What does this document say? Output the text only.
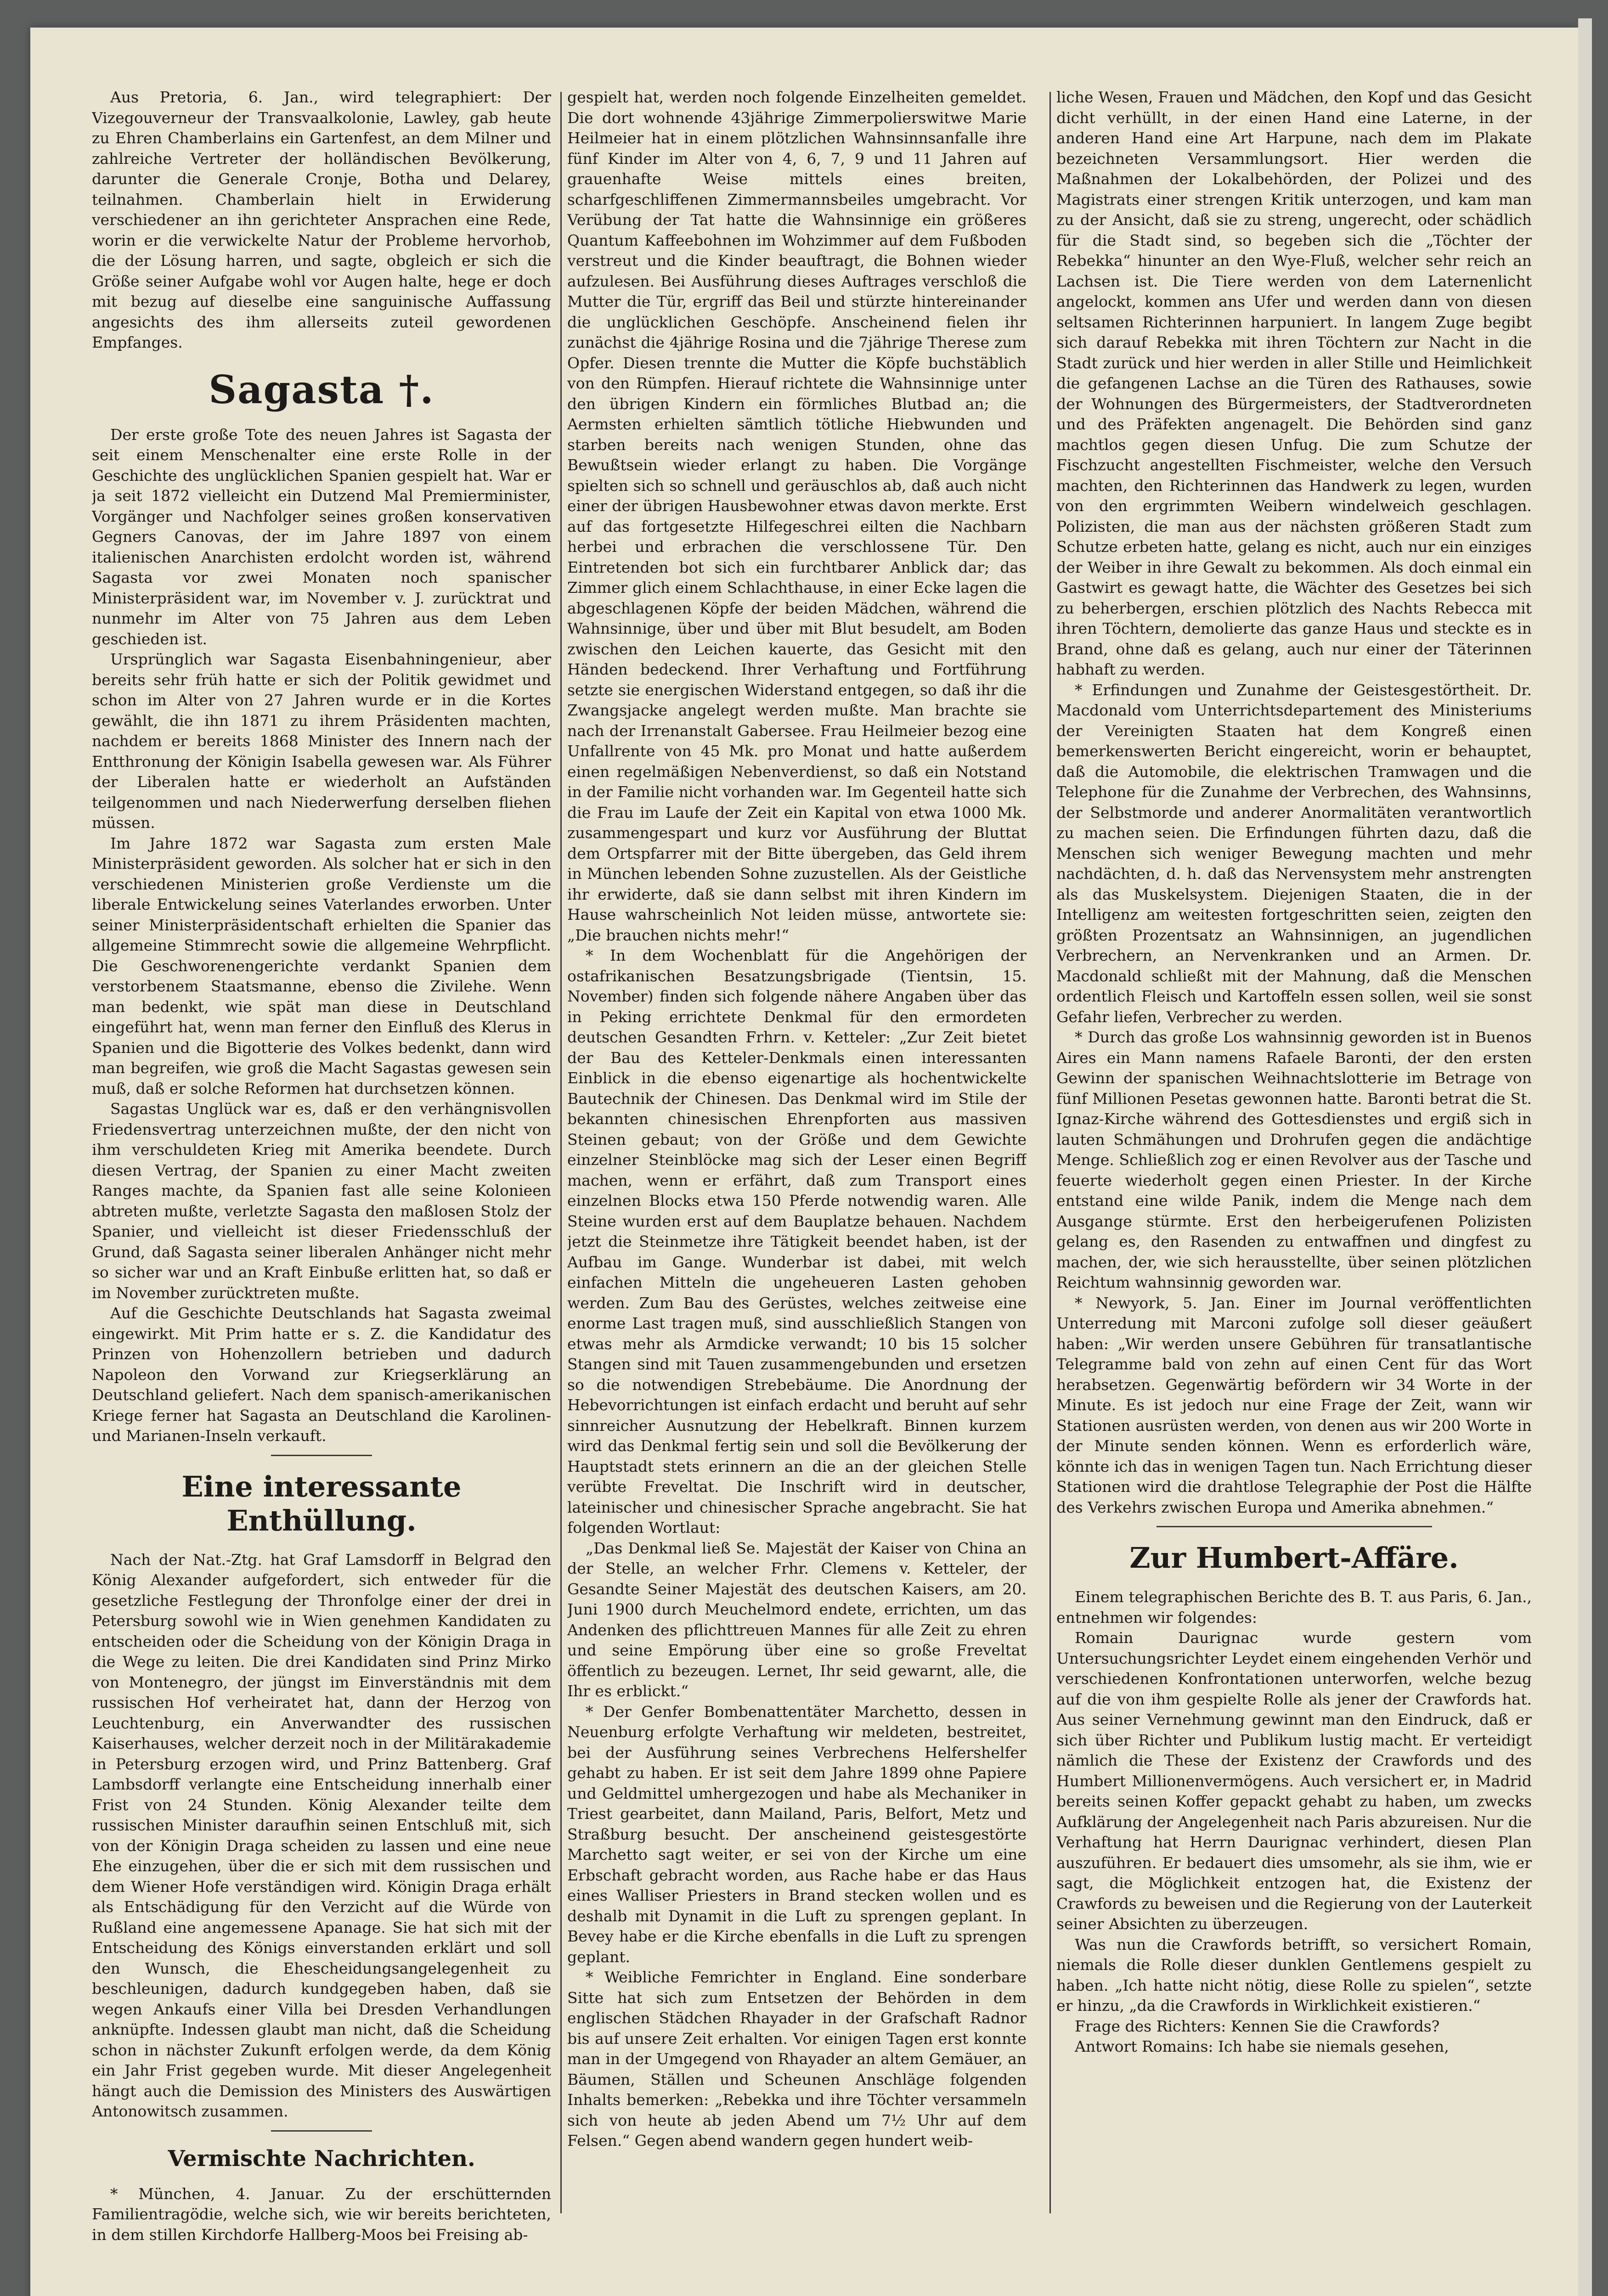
Aus Pretoria, 6. Jan., wird telegraphiert: Der Vizegouverneur der Transvaalkolonie, Lawley, gab heute zu Ehren Chamberlains ein Gartenfest, an dem Milner und zahlreiche Vertreter der holländischen Bevölkerung, darunter die Generale Cronje, Botha und Delarey, teilnahmen. Chamberlain hielt in Erwiderung verschiedener an ihn gerichteter Ansprachen eine Rede, worin er die verwickelte Natur der Probleme hervorhob, die der Lösung harren, und sagte, obgleich er sich die Größe seiner Aufgabe wohl vor Augen halte, hege er doch mit bezug auf dieselbe eine sanguinische Auffassung angesichts des ihm allerseits zuteil gewordenen Empfanges.

Sagasta †.

Der erste große Tote des neuen Jahres ist Sagasta der seit einem Menschenalter eine erste Rolle in der Geschichte des unglücklichen Spanien gespielt hat. War er ja seit 1872 vielleicht ein Dutzend Mal Premierminister, Vorgänger und Nachfolger seines großen konservativen Gegners Canovas, der im Jahre 1897 von einem italienischen Anarchisten erdolcht worden ist, während Sagasta vor zwei Monaten noch spanischer Ministerpräsident war, im November v. J. zurücktrat und nunmehr im Alter von 75 Jahren aus dem Leben geschieden ist.

Ursprünglich war Sagasta Eisenbahningenieur, aber bereits sehr früh hatte er sich der Politik gewidmet und schon im Alter von 27 Jahren wurde er in die Kortes gewählt, die ihn 1871 zu ihrem Präsidenten machten, nachdem er bereits 1868 Minister des Innern nach der Entthronung der Königin Isabella gewesen war. Als Führer der Liberalen hatte er wiederholt an Aufständen teilgenommen und nach Niederwerfung derselben fliehen müssen.

Im Jahre 1872 war Sagasta zum ersten Male Ministerpräsident geworden. Als solcher hat er sich in den verschiedenen Ministerien große Verdienste um die liberale Entwickelung seines Vaterlandes erworben. Unter seiner Ministerpräsidentschaft erhielten die Spanier das allgemeine Stimmrecht sowie die allgemeine Wehrpflicht. Die Geschworenengerichte verdankt Spanien dem verstorbenem Staatsmanne, ebenso die Zivilehe. Wenn man bedenkt, wie spät man diese in Deutschland eingeführt hat, wenn man ferner den Einfluß des Klerus in Spanien und die Bigotterie des Volkes bedenkt, dann wird man begreifen, wie groß die Macht Sagastas gewesen sein muß, daß er solche Reformen hat durchsetzen können.

Sagastas Unglück war es, daß er den verhängnisvollen Friedensvertrag unterzeichnen mußte, der den nicht von ihm verschuldeten Krieg mit Amerika beendete. Durch diesen Vertrag, der Spanien zu einer Macht zweiten Ranges machte, da Spanien fast alle seine Kolonieen abtreten mußte, verletzte Sagasta den maßlosen Stolz der Spanier, und vielleicht ist dieser Friedensschluß der Grund, daß Sagasta seiner liberalen Anhänger nicht mehr so sicher war und an Kraft Einbuße erlitten hat, so daß er im November zurücktreten mußte.

Auf die Geschichte Deutschlands hat Sagasta zweimal eingewirkt. Mit Prim hatte er s. Z. die Kandidatur des Prinzen von Hohenzollern betrieben und dadurch Napoleon den Vorwand zur Kriegserklärung an Deutschland geliefert. Nach dem spanisch-amerikanischen Kriege ferner hat Sagasta an Deutschland die Karolinen- und Marianen-Inseln verkauft.

Eine interessante Enthüllung.

Nach der Nat.-Ztg. hat Graf Lamsdorff in Belgrad den König Alexander aufgefordert, sich entweder für die gesetzliche Festlegung der Thronfolge einer der drei in Petersburg sowohl wie in Wien genehmen Kandidaten zu entscheiden oder die Scheidung von der Königin Draga in die Wege zu leiten. Die drei Kandidaten sind Prinz Mirko von Montenegro, der jüngst im Einverständnis mit dem russischen Hof verheiratet hat, dann der Herzog von Leuchtenburg, ein Anverwandter des russischen Kaiserhauses, welcher derzeit noch in der Militärakademie in Petersburg erzogen wird, und Prinz Battenberg. Graf Lambsdorff verlangte eine Entscheidung innerhalb einer Frist von 24 Stunden. König Alexander teilte dem russischen Minister daraufhin seinen Entschluß mit, sich von der Königin Draga scheiden zu lassen und eine neue Ehe einzugehen, über die er sich mit dem russischen und dem Wiener Hofe verständigen wird. Königin Draga erhält als Entschädigung für den Verzicht auf die Würde von Rußland eine angemessene Apanage. Sie hat sich mit der Entscheidung des Königs einverstanden erklärt und soll den Wunsch, die Ehescheidungsangelegenheit zu beschleunigen, dadurch kundgegeben haben, daß sie wegen Ankaufs einer Villa bei Dresden Verhandlungen anknüpfte. Indessen glaubt man nicht, daß die Scheidung schon in nächster Zukunft erfolgen werde, da dem König ein Jahr Frist gegeben wurde. Mit dieser Angelegenheit hängt auch die Demission des Ministers des Auswärtigen Antonowitsch zusammen.

Vermischte Nachrichten.

* München, 4. Januar. Zu der erschütternden Familientragödie, welche sich, wie wir bereits berichteten, in dem stillen Kirchdorfe Hallberg-Moos bei Freising ab-

gespielt hat, werden noch folgende Einzelheiten gemeldet. Die dort wohnende 43jährige Zimmerpolierswitwe Marie Heilmeier hat in einem plötzlichen Wahnsinnsanfalle ihre fünf Kinder im Alter von 4, 6, 7, 9 und 11 Jahren auf grauenhafte Weise mittels eines breiten, scharfgeschliffenen Zimmermannsbeiles umgebracht. Vor Verübung der Tat hatte die Wahnsinnige ein größeres Quantum Kaffeebohnen im Wohzimmer auf dem Fußboden verstreut und die Kinder beauftragt, die Bohnen wieder aufzulesen. Bei Ausführung dieses Auftrages verschloß die Mutter die Tür, ergriff das Beil und stürzte hintereinander die unglücklichen Geschöpfe. Anscheinend fielen ihr zunächst die 4jährige Rosina und die 7jährige Therese zum Opfer. Diesen trennte die Mutter die Köpfe buchstäblich von den Rümpfen. Hierauf richtete die Wahnsinnige unter den übrigen Kindern ein förmliches Blutbad an; die Aermsten erhielten sämtlich tötliche Hiebwunden und starben bereits nach wenigen Stunden, ohne das Bewußtsein wieder erlangt zu haben. Die Vorgänge spielten sich so schnell und geräuschlos ab, daß auch nicht einer der übrigen Hausbewohner etwas davon merkte. Erst auf das fortgesetzte Hilfegeschrei eilten die Nachbarn herbei und erbrachen die verschlossene Tür. Den Eintretenden bot sich ein furchtbarer Anblick dar; das Zimmer glich einem Schlachthause, in einer Ecke lagen die abgeschlagenen Köpfe der beiden Mädchen, während die Wahnsinnige, über und über mit Blut besudelt, am Boden zwischen den Leichen kauerte, das Gesicht mit den Händen bedeckend. Ihrer Verhaftung und Fortführung setzte sie energischen Widerstand entgegen, so daß ihr die Zwangsjacke angelegt werden mußte. Man brachte sie nach der Irrenanstalt Gabersee. Frau Heilmeier bezog eine Unfallrente von 45 Mk. pro Monat und hatte außerdem einen regelmäßigen Nebenverdienst, so daß ein Notstand in der Familie nicht vorhanden war. Im Gegenteil hatte sich die Frau im Laufe der Zeit ein Kapital von etwa 1000 Mk. zusammengespart und kurz vor Ausführung der Bluttat dem Ortspfarrer mit der Bitte übergeben, das Geld ihrem in München lebenden Sohne zuzustellen. Als der Geistliche ihr erwiderte, daß sie dann selbst mit ihren Kindern im Hause wahrscheinlich Not leiden müsse, antwortete sie: „Die brauchen nichts mehr!“

* In dem Wochenblatt für die Angehörigen der ostafrikanischen Besatzungsbrigade (Tientsin, 15. November) finden sich folgende nähere Angaben über das in Peking errichtete Denkmal für den ermordeten deutschen Gesandten Frhrn. v. Ketteler: „Zur Zeit bietet der Bau des Ketteler-Denkmals einen interessanten Einblick in die ebenso eigenartige als hochentwickelte Bautechnik der Chinesen. Das Denkmal wird im Stile der bekannten chinesischen Ehrenpforten aus massiven Steinen gebaut; von der Größe und dem Gewichte einzelner Steinblöcke mag sich der Leser einen Begriff machen, wenn er erfährt, daß zum Transport eines einzelnen Blocks etwa 150 Pferde notwendig waren. Alle Steine wurden erst auf dem Bauplatze behauen. Nachdem jetzt die Steinmetze ihre Tätigkeit beendet haben, ist der Aufbau im Gange. Wunderbar ist dabei, mit welch einfachen Mitteln die ungeheueren Lasten gehoben werden. Zum Bau des Gerüstes, welches zeitweise eine enorme Last tragen muß, sind ausschließlich Stangen von etwas mehr als Armdicke verwandt; 10 bis 15 solcher Stangen sind mit Tauen zusammengebunden und ersetzen so die notwendigen Strebebäume. Die Anordnung der Hebevorrichtungen ist einfach erdacht und beruht auf sehr sinnreicher Ausnutzung der Hebelkraft. Binnen kurzem wird das Denkmal fertig sein und soll die Bevölkerung der Hauptstadt stets erinnern an die an der gleichen Stelle verübte Freveltat. Die Inschrift wird in deutscher, lateinischer und chinesischer Sprache angebracht. Sie hat folgenden Wortlaut:

„Das Denkmal ließ Se. Majestät der Kaiser von China an der Stelle, an welcher Frhr. Clemens v. Ketteler, der Gesandte Seiner Majestät des deutschen Kaisers, am 20. Juni 1900 durch Meuchelmord endete, errichten, um das Andenken des pflichttreuen Mannes für alle Zeit zu ehren und seine Empörung über eine so große Freveltat öffentlich zu bezeugen. Lernet, Ihr seid gewarnt, alle, die Ihr es erblickt.“

* Der Genfer Bombenattentäter Marchetto, dessen in Neuenburg erfolgte Verhaftung wir meldeten, bestreitet, bei der Ausführung seines Verbrechens Helfershelfer gehabt zu haben. Er ist seit dem Jahre 1899 ohne Papiere und Geldmittel umhergezogen und habe als Mechaniker in Triest gearbeitet, dann Mailand, Paris, Belfort, Metz und Straßburg besucht. Der anscheinend geistesgestörte Marchetto sagt weiter, er sei von der Kirche um eine Erbschaft gebracht worden, aus Rache habe er das Haus eines Walliser Priesters in Brand stecken wollen und es deshalb mit Dynamit in die Luft zu sprengen geplant. In Bevey habe er die Kirche ebenfalls in die Luft zu sprengen geplant.

* Weibliche Femrichter in England. Eine sonderbare Sitte hat sich zum Entsetzen der Behörden in dem englischen Städchen Rhayader in der Grafschaft Radnor bis auf unsere Zeit erhalten. Vor einigen Tagen erst konnte man in der Umgegend von Rhayader an altem Gemäuer, an Bäumen, Ställen und Scheunen Anschläge folgenden Inhalts bemerken: „Rebekka und ihre Töchter versammeln sich von heute ab jeden Abend um 7½ Uhr auf dem Felsen.“ Gegen abend wandern gegen hundert weib-

liche Wesen, Frauen und Mädchen, den Kopf und das Gesicht dicht verhüllt, in der einen Hand eine Laterne, in der anderen Hand eine Art Harpune, nach dem im Plakate bezeichneten Versammlungsort. Hier werden die Maßnahmen der Lokalbehörden, der Polizei und des Magistrats einer strengen Kritik unterzogen, und kam man zu der Ansicht, daß sie zu streng, ungerecht, oder schädlich für die Stadt sind, so begeben sich die „Töchter der Rebekka“ hinunter an den Wye-Fluß, welcher sehr reich an Lachsen ist. Die Tiere werden von dem Laternenlicht angelockt, kommen ans Ufer und werden dann von diesen seltsamen Richterinnen harpuniert. In langem Zuge begibt sich darauf Rebekka mit ihren Töchtern zur Nacht in die Stadt zurück und hier werden in aller Stille und Heimlichkeit die gefangenen Lachse an die Türen des Rathauses, sowie der Wohnungen des Bürgermeisters, der Stadtverordneten und des Präfekten angenagelt. Die Behörden sind ganz machtlos gegen diesen Unfug. Die zum Schutze der Fischzucht angestellten Fischmeister, welche den Versuch machten, den Richterinnen das Handwerk zu legen, wurden von den ergrimmten Weibern windelweich geschlagen. Polizisten, die man aus der nächsten größeren Stadt zum Schutze erbeten hatte, gelang es nicht, auch nur ein einziges der Weiber in ihre Gewalt zu bekommen. Als doch einmal ein Gastwirt es gewagt hatte, die Wächter des Gesetzes bei sich zu beherbergen, erschien plötzlich des Nachts Rebecca mit ihren Töchtern, demolierte das ganze Haus und steckte es in Brand, ohne daß es gelang, auch nur einer der Täterinnen habhaft zu werden.

* Erfindungen und Zunahme der Geistesgestörtheit. Dr. Macdonald vom Unterrichtsdepartement des Ministeriums der Vereinigten Staaten hat dem Kongreß einen bemerkenswerten Bericht eingereicht, worin er behauptet, daß die Automobile, die elektrischen Tramwagen und die Telephone für die Zunahme der Verbrechen, des Wahnsinns, der Selbstmorde und anderer Anormalitäten verantwortlich zu machen seien. Die Erfindungen führten dazu, daß die Menschen sich weniger Bewegung machten und mehr nachdächten, d. h. daß das Nervensystem mehr anstrengten als das Muskelsystem. Diejenigen Staaten, die in der Intelligenz am weitesten fortgeschritten seien, zeigten den größten Prozentsatz an Wahnsinnigen, an jugendlichen Verbrechern, an Nervenkranken und an Armen. Dr. Macdonald schließt mit der Mahnung, daß die Menschen ordentlich Fleisch und Kartoffeln essen sollen, weil sie sonst Gefahr liefen, Verbrecher zu werden.

* Durch das große Los wahnsinnig geworden ist in Buenos Aires ein Mann namens Rafaele Baronti, der den ersten Gewinn der spanischen Weihnachtslotterie im Betrage von fünf Millionen Pesetas gewonnen hatte. Baronti betrat die St. Ignaz-Kirche während des Gottesdienstes und ergiß sich in lauten Schmähungen und Drohrufen gegen die andächtige Menge. Schließlich zog er einen Revolver aus der Tasche und feuerte wiederholt gegen einen Priester. In der Kirche entstand eine wilde Panik, indem die Menge nach dem Ausgange stürmte. Erst den herbeigerufenen Polizisten gelang es, den Rasenden zu entwaffnen und dingfest zu machen, der, wie sich herausstellte, über seinen plötzlichen Reichtum wahnsinnig geworden war.

* Newyork, 5. Jan. Einer im Journal veröffentlichten Unterredung mit Marconi zufolge soll dieser geäußert haben: „Wir werden unsere Gebühren für transatlantische Telegramme bald von zehn auf einen Cent für das Wort herabsetzen. Gegenwärtig befördern wir 34 Worte in der Minute. Es ist jedoch nur eine Frage der Zeit, wann wir Stationen ausrüsten werden, von denen aus wir 200 Worte in der Minute senden können. Wenn es erforderlich wäre, könnte ich das in wenigen Tagen tun. Nach Errichtung dieser Stationen wird die drahtlose Telegraphie der Post die Hälfte des Verkehrs zwischen Europa und Amerika abnehmen.“

Zur Humbert-Affäre.

Einem telegraphischen Berichte des B. T. aus Paris, 6. Jan., entnehmen wir folgendes:

Romain Daurignac wurde gestern vom Untersuchungsrichter Leydet einem eingehenden Verhör und verschiedenen Konfrontationen unterworfen, welche bezug auf die von ihm gespielte Rolle als jener der Crawfords hat. Aus seiner Vernehmung gewinnt man den Eindruck, daß er sich über Richter und Publikum lustig macht. Er verteidigt nämlich die These der Existenz der Crawfords und des Humbert Millionenvermögens. Auch versichert er, in Madrid bereits seinen Koffer gepackt gehabt zu haben, um zwecks Aufklärung der Angelegenheit nach Paris abzureisen. Nur die Verhaftung hat Herrn Daurignac verhindert, diesen Plan auszuführen. Er bedauert dies umsomehr, als sie ihm, wie er sagt, die Möglichkeit entzogen hat, die Existenz der Crawfords zu beweisen und die Regierung von der Lauterkeit seiner Absichten zu überzeugen.

Was nun die Crawfords betrifft, so versichert Romain, niemals die Rolle dieser dunklen Gentlemens gespielt zu haben. „Ich hatte nicht nötig, diese Rolle zu spielen“, setzte er hinzu, „da die Crawfords in Wirklichkeit existieren.“

Frage des Richters: Kennen Sie die Crawfords?

Antwort Romains: Ich habe sie niemals gesehen,
